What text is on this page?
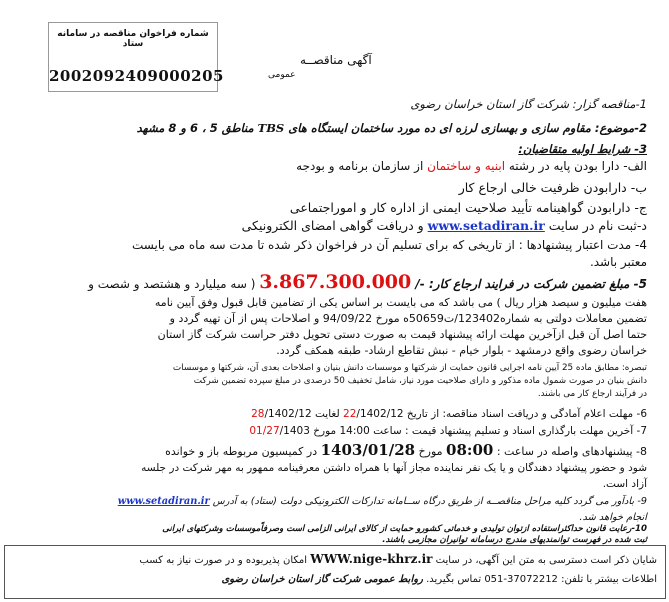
شماره فراخوان مناقصه در سامانه ستاد
2002092409000205
آگهی مناقصــه
عمومی
1-مناقصه گزار: شرکت گاز استان خراسان رضوی
2-موضوع: مقاوم سازی و بهسازی لرزه ای ده مورد ساختمان ایستگاه های TBS مناطق 5 ، 6 و 8 مشهد
3- شرایط اولیه متقاضیان:
الف- دارا بودن پایه در رشته ابنیه و ساختمان از سازمان برنامه و بودجه
ب- دارابودن ظرفیت خالی ارجاع کار
ج- دارابودن گواهینامه تأیید صلاحیت ایمنی از اداره کار و اموراجتماعی
د-ثبت نام در سایت www.setadiran.ir و دریافت گواهی امضای الکترونیکی
4- مدت اعتبار پیشنهادها : از تاریخی که برای تسلیم آن در فراخوان ذکر شده تا مدت سه ماه می بایست
معتبر باشد.
5- مبلغ تضمین شرکت در فرایند ارجاع کار: -/ 3.867.300.000 ( سه میلیارد و هشتصد و شصت و
هفت میلیون و سیصد هزار ریال ) می باشد که می بایست بر اساس یکی از تضامین قابل قبول وفق آیین نامه
تضمین معاملات دولتی به شماره123402/ت50659ه مورخ 94/09/22 و اصلاحات پس از آن تهیه گردد و
حتما اصل آن قبل ازآخرین مهلت ارائه پیشنهاد قیمت به صورت دستی تحویل دفتر حراست شرکت گاز استان
خراسان رضوی واقع درمشهد - بلوار خیام - نبش تقاطع ارشاد- طبقه همکف گردد.
تبصره: مطابق ماده 25 آیین نامه اجرایی قانون حمایت از شرکتها و موسسات دانش بنیان و اصلاحات بعدی آن، شرکتها و موسسات
دانش بنیان در صورت شمول ماده مذکور و دارای صلاحیت مورد نیاز، شامل تخفیف 50 درصدی در مبلغ سپرده تضمین شرکت
در فرآیند ارجاع کار می باشند.
6- مهلت اعلام آمادگی و دریافت اسناد مناقصه: از تاریخ 22/1402/12 لغایت 28/1402/12
7- آخرین مهلت بارگذاری اسناد و تسلیم پیشنهاد قیمت : ساعت 14:00 مورخ 01/27/1403
8- پیشنهادهای واصله در ساعت : 08:00 مورخ 1403/01/28 در کمیسیون مربوطه باز و خوانده
شود و حضور پیشنهاد دهندگان و یا یک نفر نماینده مجاز آنها با همراه داشتن معرفینامه ممهور به مهر شرکت در جلسه
آزاد است.
9- بادآور می گردد کلیه مراحل مناقصــه از طریق درگاه ســامانه تدارکات الکترونیکی دولت (ستاد) به آدرس www.setadiran.ir
انجام خواهد شد.
10-رعایت قانون حداکثراستفاده ازتوان تولیدی و خدماتی کشورو حمایت از کالای ایرانی الزامی است وصرفاًموسسات وشرکتهای ایرانی
ثبت شده در فهرست توانمندیهای مندرج درسامانه توانیران مجازمی باشند.
شایان ذکر است دسترسی به متن این آگهی، در سایت WWW.nige-khrz.ir امکان پذیربوده و در صورت نیاز به کسب
اطلاعات بیشتر با تلفن: 37072212-051 تماس بگیرید. روابط عمومی شرکت گاز استان خراسان رضوی
